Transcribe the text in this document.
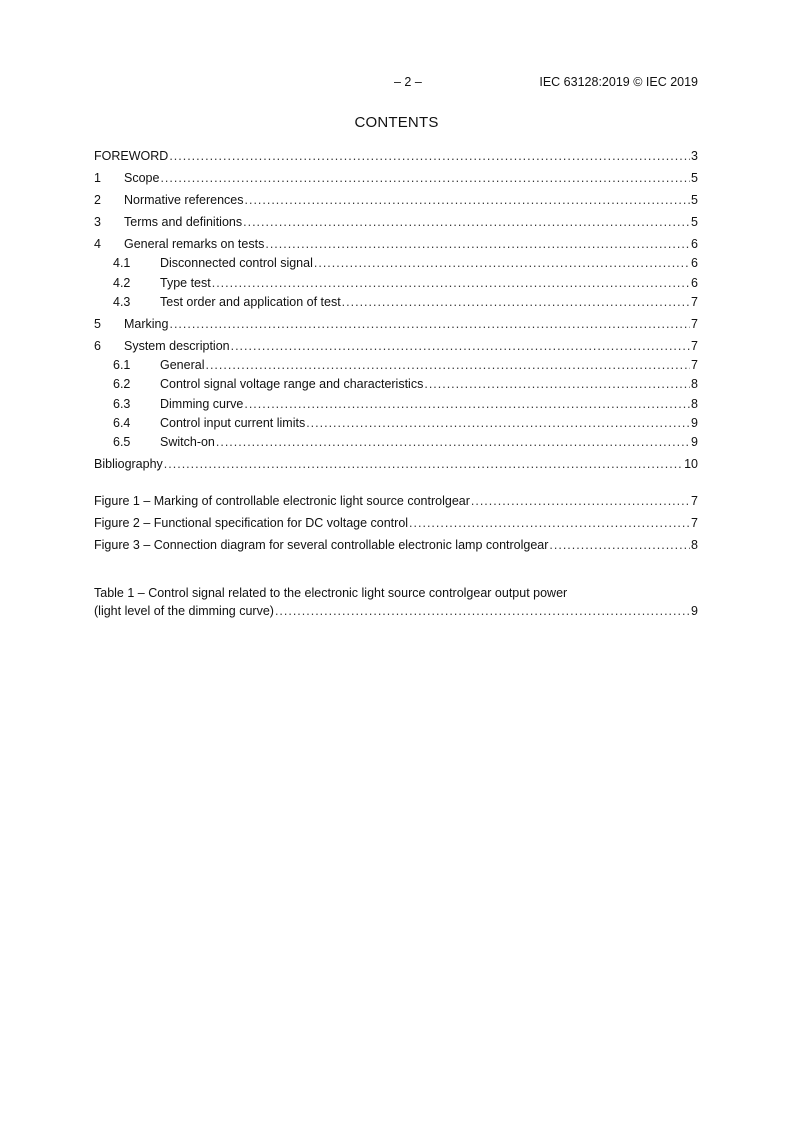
– 2 –	IEC 63128:2019 © IEC 2019
CONTENTS
FOREWORD .....	3
1	Scope .....	5
2	Normative references .....	5
3	Terms and definitions .....	5
4	General remarks on tests .....	6
4.1	Disconnected control signal .....	6
4.2	Type test .....	6
4.3	Test order and application of test .....	7
5	Marking .....	7
6	System description .....	7
6.1	General .....	7
6.2	Control signal voltage range and characteristics .....	8
6.3	Dimming curve .....	8
6.4	Control input current limits .....	9
6.5	Switch-on .....	9
Bibliography .....	10
Figure 1 – Marking of controllable electronic light source controlgear .....	7
Figure 2 – Functional specification for DC voltage control .....	7
Figure 3 – Connection diagram for several controllable electronic lamp controlgear .....	8
Table 1 – Control signal related to the electronic light source controlgear output power
(light level of the dimming curve) .....	9
